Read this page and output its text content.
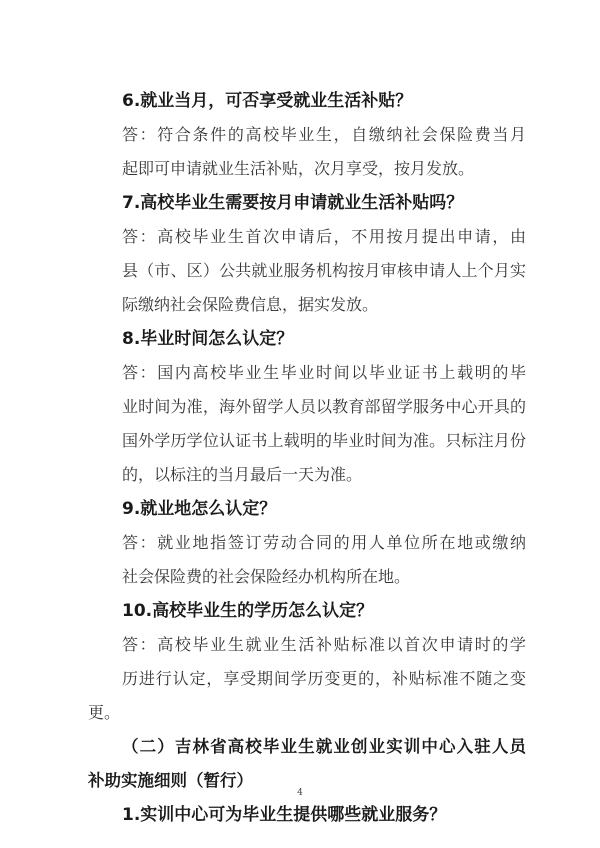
6.就业当月，可否享受就业生活补贴？

答：符合条件的高校毕业生，自缴纳社会保险费当月
起即可申请就业生活补贴，次月享受，按月发放。

7.高校毕业生需要按月申请就业生活补贴吗？

答：高校毕业生首次申请后，不用按月提出申请，由
县（市、区）公共就业服务机构按月审核申请人上个月实
际缴纳社会保险费信息，据实发放。

8.毕业时间怎么认定？

答：国内高校毕业生毕业时间以毕业证书上载明的毕
业时间为准，海外留学人员以教育部留学服务中心开具的
国外学历学位认证书上载明的毕业时间为准。只标注月份
的，以标注的当月最后一天为准。

9.就业地怎么认定？

答：就业地指签订劳动合同的用人单位所在地或缴纳
社会保险费的社会保险经办机构所在地。

10.高校毕业生的学历怎么认定？

答：高校毕业生就业生活补贴标准以首次申请时的学
历进行认定，享受期间学历变更的，补贴标准不随之变更。

（二）吉林省高校毕业生就业创业实训中心入驻人员
补助实施细则（暂行）

1.实训中心可为毕业生提供哪些就业服务？

4
